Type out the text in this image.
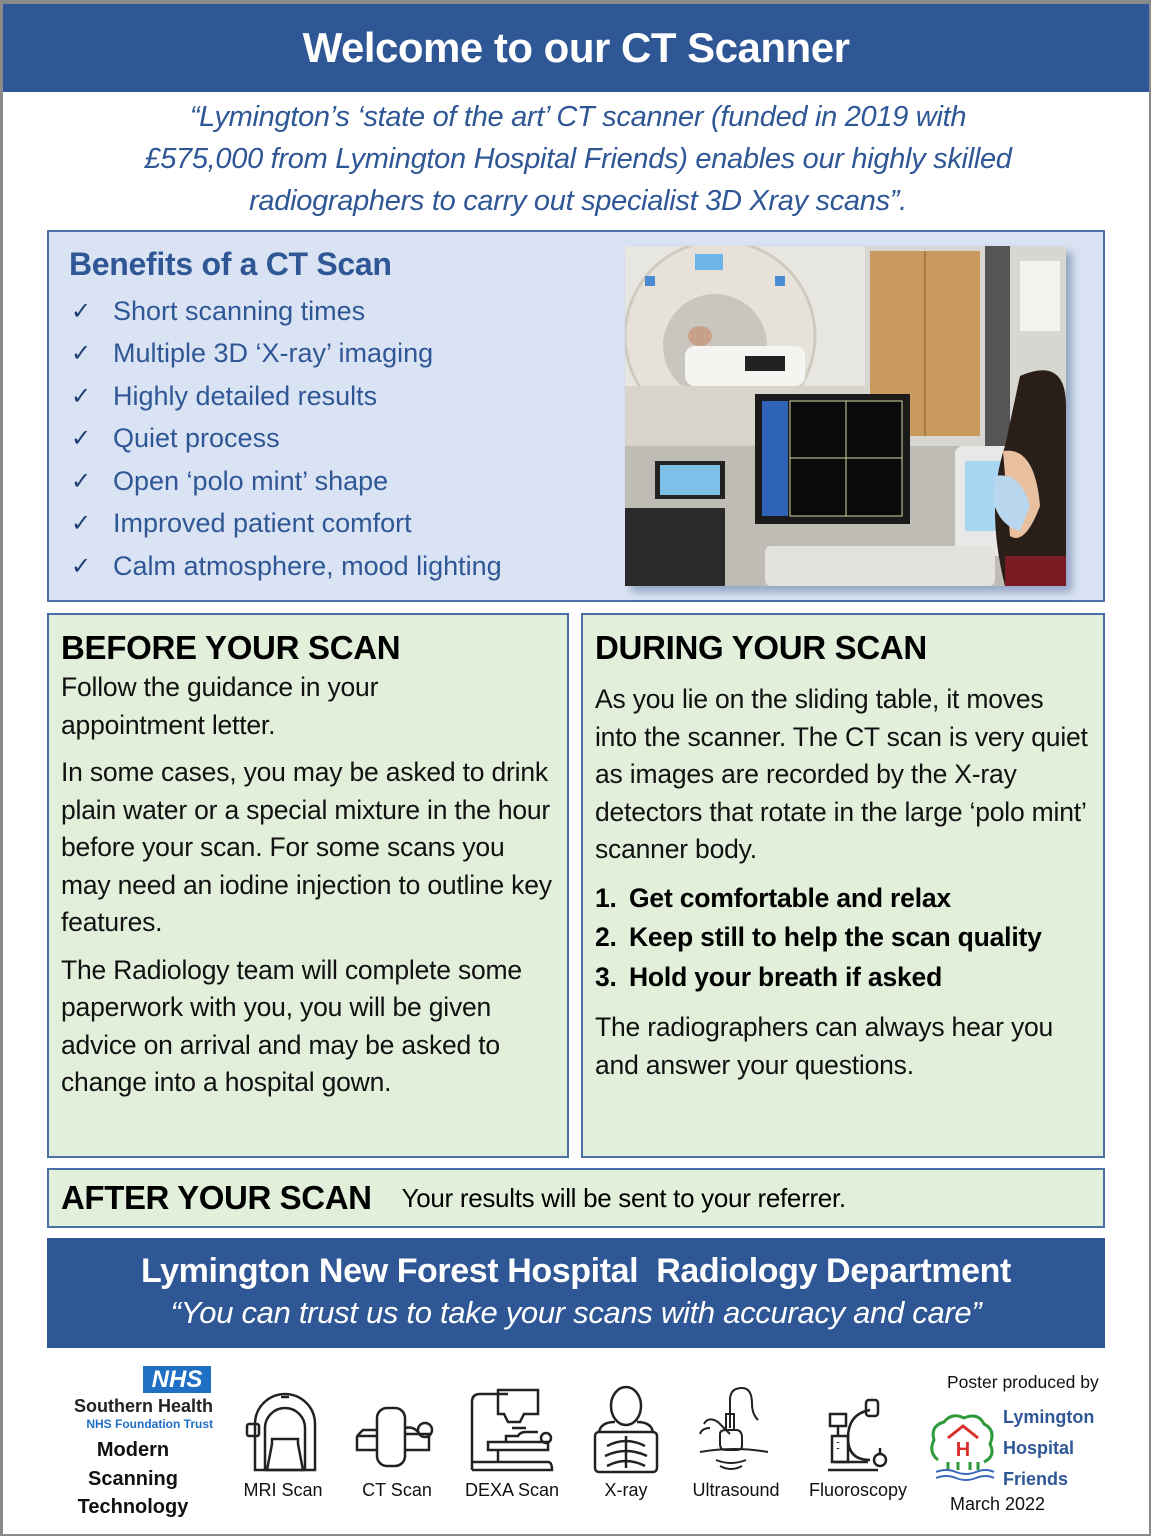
Welcome to our CT Scanner
“Lymington’s ‘state of the art’ CT scanner (funded in 2019 with
£575,000 from Lymington Hospital Friends) enables our highly skilled
radiographers to carry out specialist 3D Xray scans”.
Benefits of a CT Scan
✓ Short scanning times
✓ Multiple 3D ‘X-ray’ imaging
✓ Highly detailed results
✓ Quiet process
✓ Open ‘polo mint’ shape
✓ Improved patient comfort
✓ Calm atmosphere, mood lighting
BEFORE YOUR SCAN

Follow the guidance in your appointment letter.

In some cases, you may be asked to drink plain water or a special mixture in the hour before your scan. For some scans you may need an iodine injection to outline key features.

The Radiology team will complete some paperwork with you, you will be given advice on arrival and may be asked to change into a hospital gown.

DURING YOUR SCAN

As you lie on the sliding table, it moves into the scanner. The CT scan is very quiet as images are recorded by the X-ray detectors that rotate in the large ‘polo mint’ scanner body.

1. Get comfortable and relax
2. Keep still to help the scan quality
3. Hold your breath if asked

The radiographers can always hear you and answer your questions.

AFTER YOUR SCAN Your results will be sent to your referrer.
Lymington New Forest Hospital  Radiology Department
“You can trust us to take your scans with accuracy and care”
NHS
Southern Health
NHS Foundation Trust
Modern
Scanning
Technology
MRI Scan CT Scan DEXA Scan	X-ray Ultrasound Fluoroscopy
Poster produced by
H
Lymington
Hospital
Friends
March 2022
